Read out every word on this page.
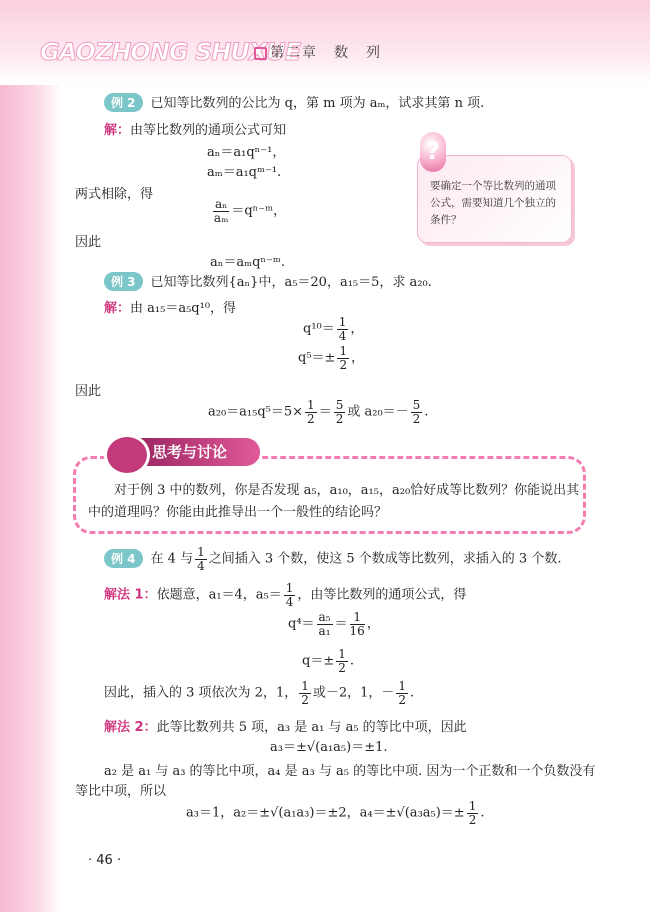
GAOZHONG SHUXUE
第二章　数　列
例 2 已知等比数列的公比为 q，第 m 项为 aₘ，试求其第 n 项.
解：由等比数列的通项公式可知
aₙ＝a₁qⁿ⁻¹，
aₘ＝a₁qᵐ⁻¹.
两式相除，得
$\frac{\text{aₙ}}{\text{aₘ}}$ ＝qⁿ⁻ᵐ，
因此
aₙ＝aₘqⁿ⁻ᵐ.
?
要确定一个等比数列的通项公式，需要知道几个独立的条件？
例 3 已知等比数列{aₙ}中，a₅＝20，a₁₅＝5，求 a₂₀.
解：由 a₁₅＝a₅q¹⁰，得
$q^{10}= \frac{1}{4}$ ，
$q^5=\pm \frac{1}{2}$ ，
因此
$a_{20}=a_{15}q^5=5\times \frac{1}{2} = \frac{5}{2}$ 或 $a_{20}=- \frac{5}{2}$ .
思考与讨论
对于例 3 中的数列，你是否发现 a₅，a₁₀，a₁₅，a₂₀恰好成等比数列？你能说出其
中的道理吗？你能由此推导出一个一般性的结论吗？
例 4 在 4 与 $\frac{1}{4}$ 之间插入 3 个数，使这 5 个数成等比数列，求插入的 3 个数.
解法 1：依题意，a₁＝4，$a_5= \frac{1}{4}$ ，由等比数列的通项公式，得
$q^4= \frac{\text{a₅}}{\text{a₁}} = \frac{1}{16}$ ，
$q=\pm \frac{1}{2}$ .
因此，插入的 3 项依次为 2，1， $\frac{1}{2}$ 或－2，1，－ $\frac{1}{2}$ .
解法 2：此等比数列共 5 项，a₃ 是 a₁ 与 a₅ 的等比中项，因此
a₃＝±√(a₁a₅)＝±1.
a₂ 是 a₁ 与 a₃ 的等比中项，a₄ 是 a₃ 与 a₅ 的等比中项. 因为一个正数和一个负数没有
等比中项，所以
a₃＝1，a₂＝±√(a₁a₃)＝±2，$a_4=\pm√(a_3a_5)=\pm \frac{1}{2}$ .
· 46 ·
